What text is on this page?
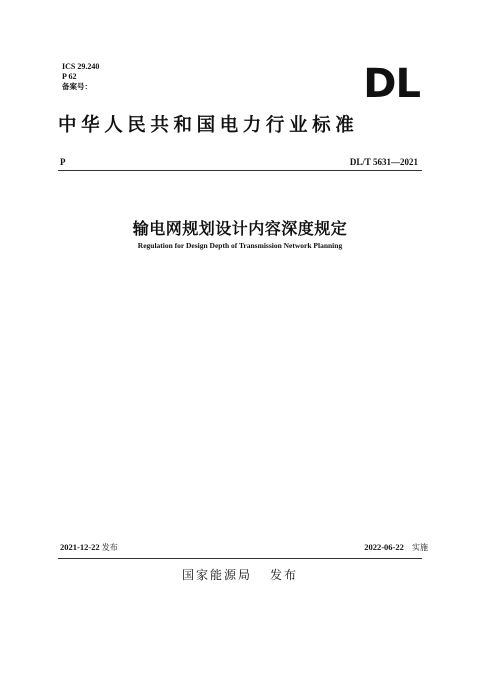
ICS 29.240
P 62
备案号：	DL
中华人民共和国电力行业标准
P	DL/T 5631—2021
输电网规划设计内容深度规定
Regulation for Design Depth of Transmission Network Planning
2021-12-22 发布	2022-06-22 实施
国家能源局 发布
